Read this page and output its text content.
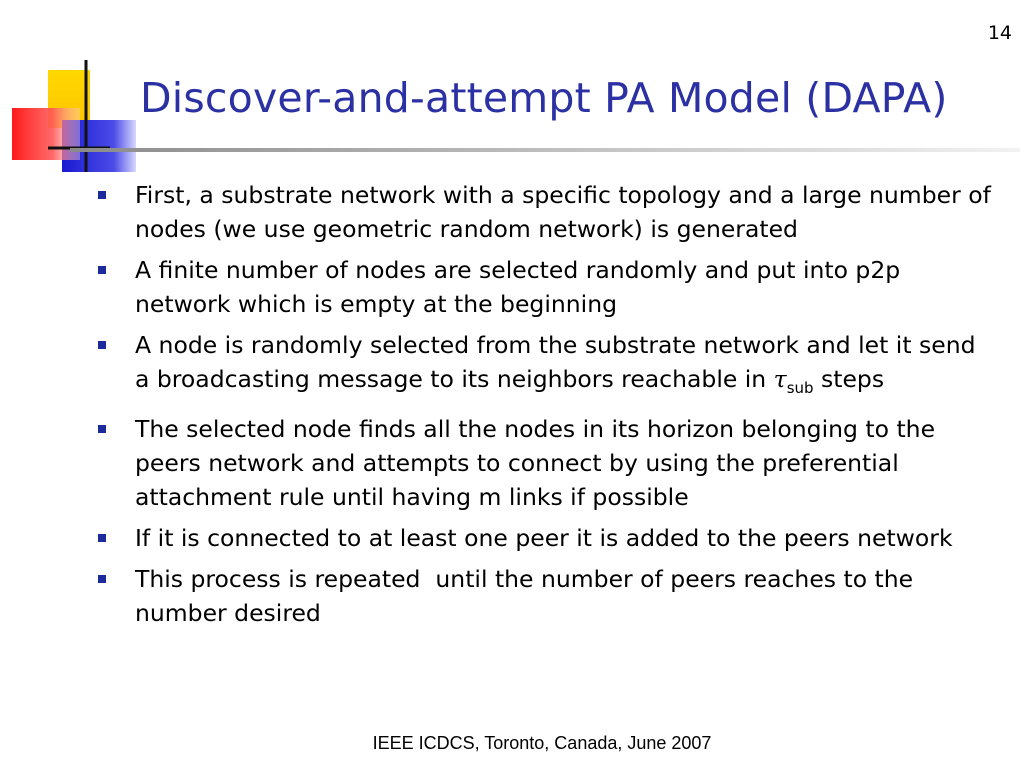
14
Discover-and-attempt PA Model (DAPA)
First, a substrate network with a specific topology and a large number of nodes (we use geometric random network) is generated
A finite number of nodes are selected randomly and put into p2p network which is empty at the beginning
A node is randomly selected from the substrate network and let it send a broadcasting message to its neighbors reachable in $\tau_{sub}$ steps
The selected node finds all the nodes in its horizon belonging to the peers network and attempts to connect by using the preferential attachment rule until having m links if possible
If it is connected to at least one peer it is added to the peers network
This process is repeated  until the number of peers reaches to the number desired
IEEE ICDCS, Toronto, Canada, June 2007
